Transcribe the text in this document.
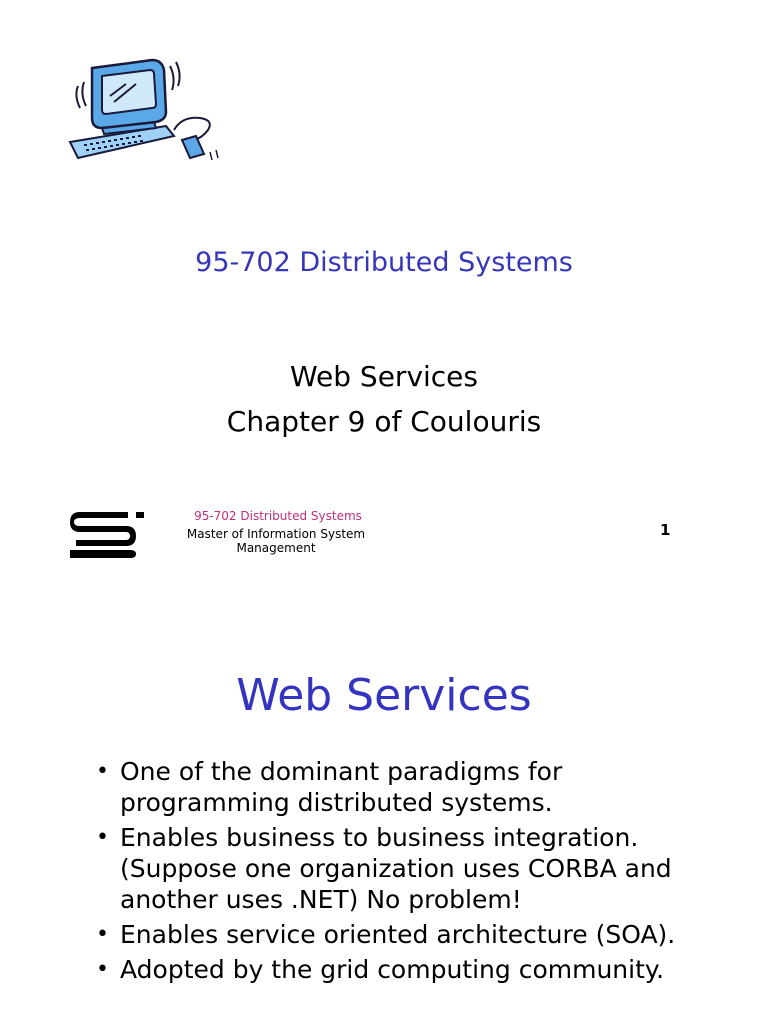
95-702 Distributed Systems
Web Services
Chapter 9 of Coulouris
95-702 Distributed Systems
Master of Information System Management
1
Web Services
• One of the dominant paradigms for programming distributed systems.
• Enables business to business integration. (Suppose one organization uses CORBA and another uses .NET) No problem!
• Enables service oriented architecture (SOA).
• Adopted by the grid computing community.
